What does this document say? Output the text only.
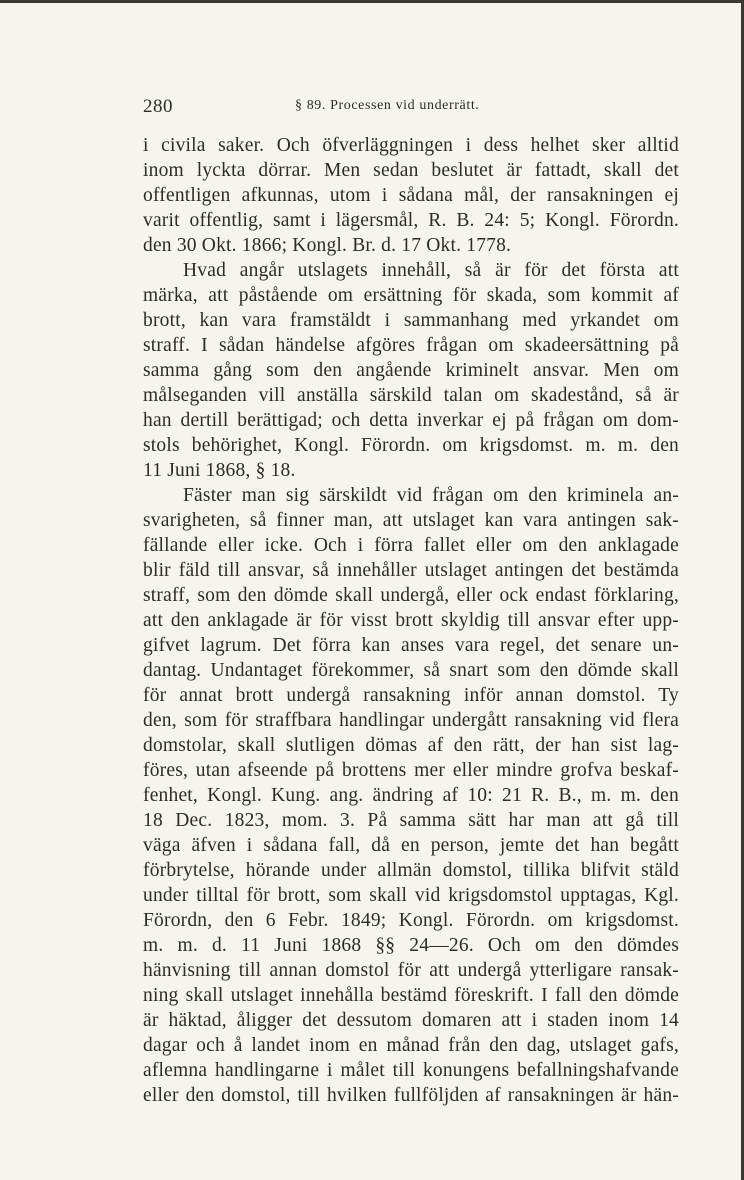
280	§ 89. Processen vid underrätt.
i civila saker. Och öfverläggningen i dess helhet sker alltid
inom lyckta dörrar. Men sedan beslutet är fattadt, skall det
offentligen afkunnas, utom i sådana mål, der ransakningen ej
varit offentlig, samt i lägersmål, R. B. 24: 5; Kongl. Förordn.
den 30 Okt. 1866; Kongl. Br. d. 17 Okt. 1778.
Hvad angår utslagets innehåll, så är för det första att
märka, att påstående om ersättning för skada, som kommit af
brott, kan vara framstäldt i sammanhang med yrkandet om
straff. I sådan händelse afgöres frågan om skadeersättning på
samma gång som den angående kriminelt ansvar. Men om
målseganden vill anställa särskild talan om skadestånd, så är
han dertill berättigad; och detta inverkar ej på frågan om dom-
stols behörighet, Kongl. Förordn. om krigsdomst. m. m. den
11 Juni 1868, § 18.
Fäster man sig särskildt vid frågan om den kriminela an-
svarigheten, så finner man, att utslaget kan vara antingen sak-
fällande eller icke. Och i förra fallet eller om den anklagade
blir fäld till ansvar, så innehåller utslaget antingen det bestämda
straff, som den dömde skall undergå, eller ock endast förklaring,
att den anklagade är för visst brott skyldig till ansvar efter upp-
gifvet lagrum. Det förra kan anses vara regel, det senare un-
dantag. Undantaget förekommer, så snart som den dömde skall
för annat brott undergå ransakning inför annan domstol. Ty
den, som för straffbara handlingar undergått ransakning vid flera
domstolar, skall slutligen dömas af den rätt, der han sist lag-
föres, utan afseende på brottens mer eller mindre grofva beskaf-
fenhet, Kongl. Kung. ang. ändring af 10: 21 R. B., m. m. den
18 Dec. 1823, mom. 3. På samma sätt har man att gå till
väga äfven i sådana fall, då en person, jemte det han begått
förbrytelse, hörande under allmän domstol, tillika blifvit stäld
under tilltal för brott, som skall vid krigsdomstol upptagas, Kgl.
Förordn, den 6 Febr. 1849; Kongl. Förordn. om krigsdomst.
m. m. d. 11 Juni 1868 §§ 24—26. Och om den dömdes
hänvisning till annan domstol för att undergå ytterligare ransak-
ning skall utslaget innehålla bestämd föreskrift. I fall den dömde
är häktad, åligger det dessutom domaren att i staden inom 14
dagar och å landet inom en månad från den dag, utslaget gafs,
aflemna handlingarne i målet till konungens befallningshafvande
eller den domstol, till hvilken fullföljden af ransakningen är hän-
